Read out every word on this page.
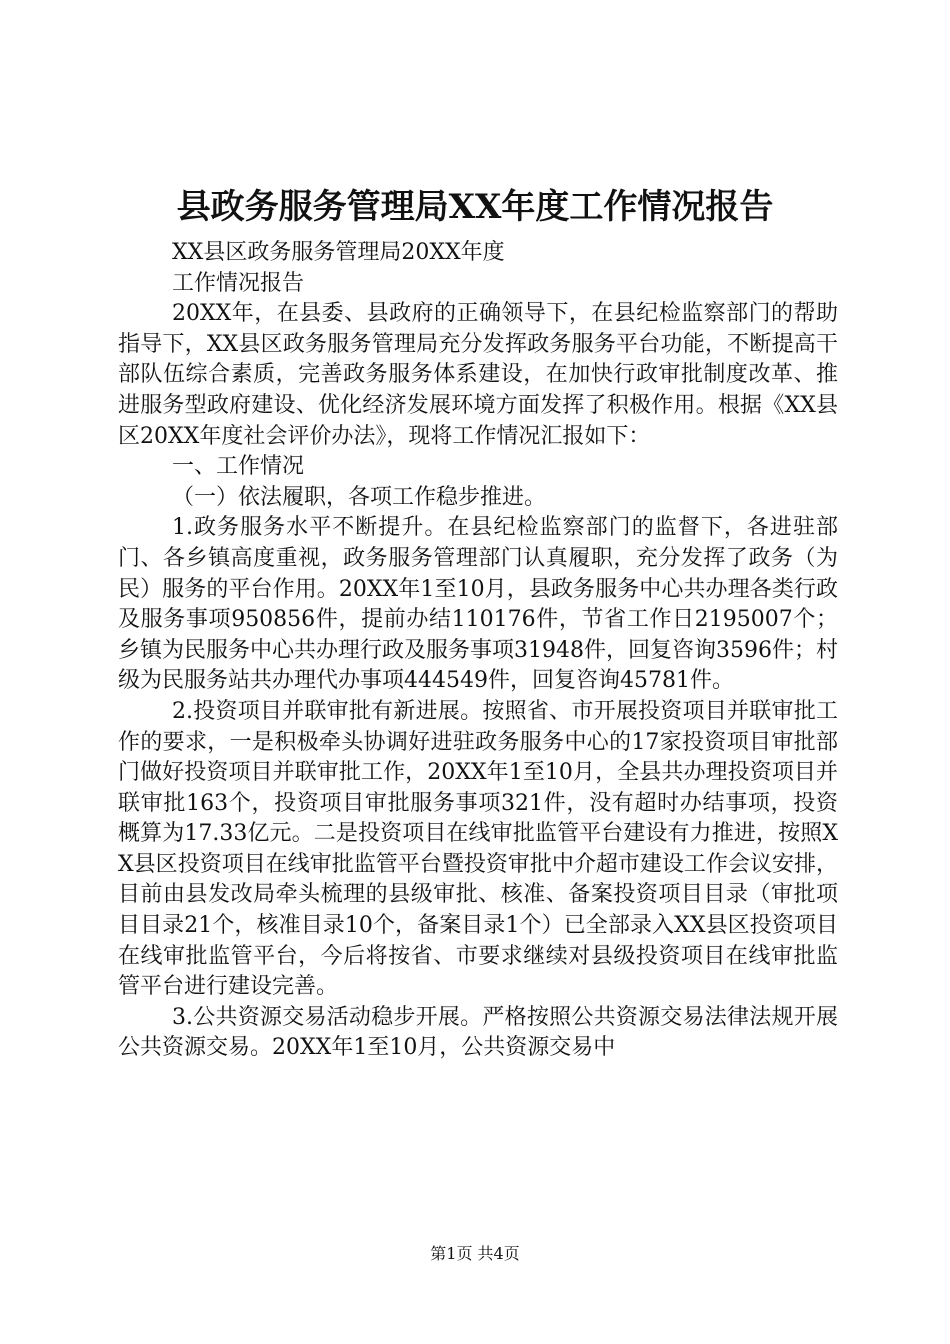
县政务服务管理局XX年度工作情况报告

XX县区政务服务管理局20XX年度

工作情况报告

20XX年，在县委、县政府的正确领导下，在县纪检监察部门的帮助指导下，XX县区政务服务管理局充分发挥政务服务平台功能，不断提高干部队伍综合素质，完善政务服务体系建设，在加快行政审批制度改革、推进服务型政府建设、优化经济发展环境方面发挥了积极作用。根据《XX县区20XX年度社会评价办法》，现将工作情况汇报如下：

一、工作情况

（一）依法履职，各项工作稳步推进。

1.政务服务水平不断提升。在县纪检监察部门的监督下，各进驻部门、各乡镇高度重视，政务服务管理部门认真履职，充分发挥了政务（为民）服务的平台作用。20XX年1至10月，县政务服务中心共办理各类行政及服务事项950856件，提前办结110176件，节省工作日2195007个；乡镇为民服务中心共办理行政及服务事项31948件，回复咨询3596件；村级为民服务站共办理代办事项444549件，回复咨询45781件。

2.投资项目并联审批有新进展。按照省、市开展投资项目并联审批工作的要求，一是积极牵头协调好进驻政务服务中心的17家投资项目审批部门做好投资项目并联审批工作，20XX年1至10月，全县共办理投资项目并联审批163个，投资项目审批服务事项321件，没有超时办结事项，投资概算为17.33亿元。二是投资项目在线审批监管平台建设有力推进，按照XX县区投资项目在线审批监管平台暨投资审批中介超市建设工作会议安排，目前由县发改局牵头梳理的县级审批、核准、备案投资项目目录（审批项目目录21个，核准目录10个，备案目录1个）已全部录入XX县区投资项目在线审批监管平台，今后将按省、市要求继续对县级投资项目在线审批监管平台进行建设完善。

3.公共资源交易活动稳步开展。严格按照公共资源交易法律法规开展公共资源交易。20XX年1至10月，公共资源交易中

第1页 共4页
